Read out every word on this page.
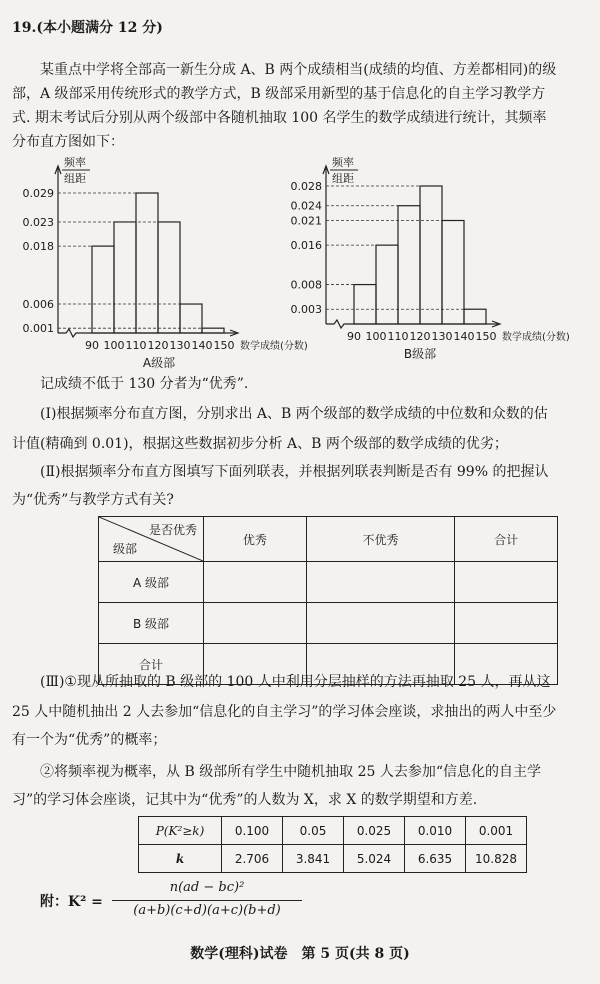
19.(本小题满分 12 分)
某重点中学将全部高一新生分成 A、B 两个成绩相当(成绩的均值、方差都相同)的级
部，A 级部采用传统形式的教学方式，B 级部采用新型的基于信息化的自主学习教学方
式. 期末考试后分别从两个级部中各随机抽取 100 名学生的数学成绩进行统计，其频率
分布直方图如下：
频率
组距
0.029
0.023
0.018
0.006
0.001
90 100 110 120 130 140 150 数学成绩(分数)
A级部
频率
组距
0.028
0.024
0.021
0.016
0.008
0.003
90 100 110 120 130 140 150 数学成绩(分数)
B级部
记成绩不低于 130 分者为“优秀”.
(Ⅰ)根据频率分布直方图，分别求出 A、B 两个级部的数学成绩的中位数和众数的估
计值(精确到 0.01)，根据这些数据初步分析 A、B 两个级部的数学成绩的优劣；
(Ⅱ)根据频率分布直方图填写下面列联表，并根据列联表判断是否有 99% 的把握认
为“优秀”与教学方式有关?
是否优秀
级部	优秀	不优秀	合计
A 级部			
B 级部			
合计			
(Ⅲ)①现从所抽取的 B 级部的 100 人中利用分层抽样的方法再抽取 25 人，再从这
25 人中随机抽出 2 人去参加“信息化的自主学习”的学习体会座谈，求抽出的两人中至少
有一个为“优秀”的概率；
②将频率视为概率，从 B 级部所有学生中随机抽取 25 人去参加“信息化的自主学
习”的学习体会座谈，记其中为“优秀”的人数为 X，求 X 的数学期望和方差.
P(K²≥k)	0.100	0.05	0.025	0.010	0.001
k	2.706	3.841	5.024	6.635	10.828
附：K² =
n(ad − bc)²
(a+b)(c+d)(a+c)(b+d)
数学(理科)试卷　第 5 页(共 8 页)
